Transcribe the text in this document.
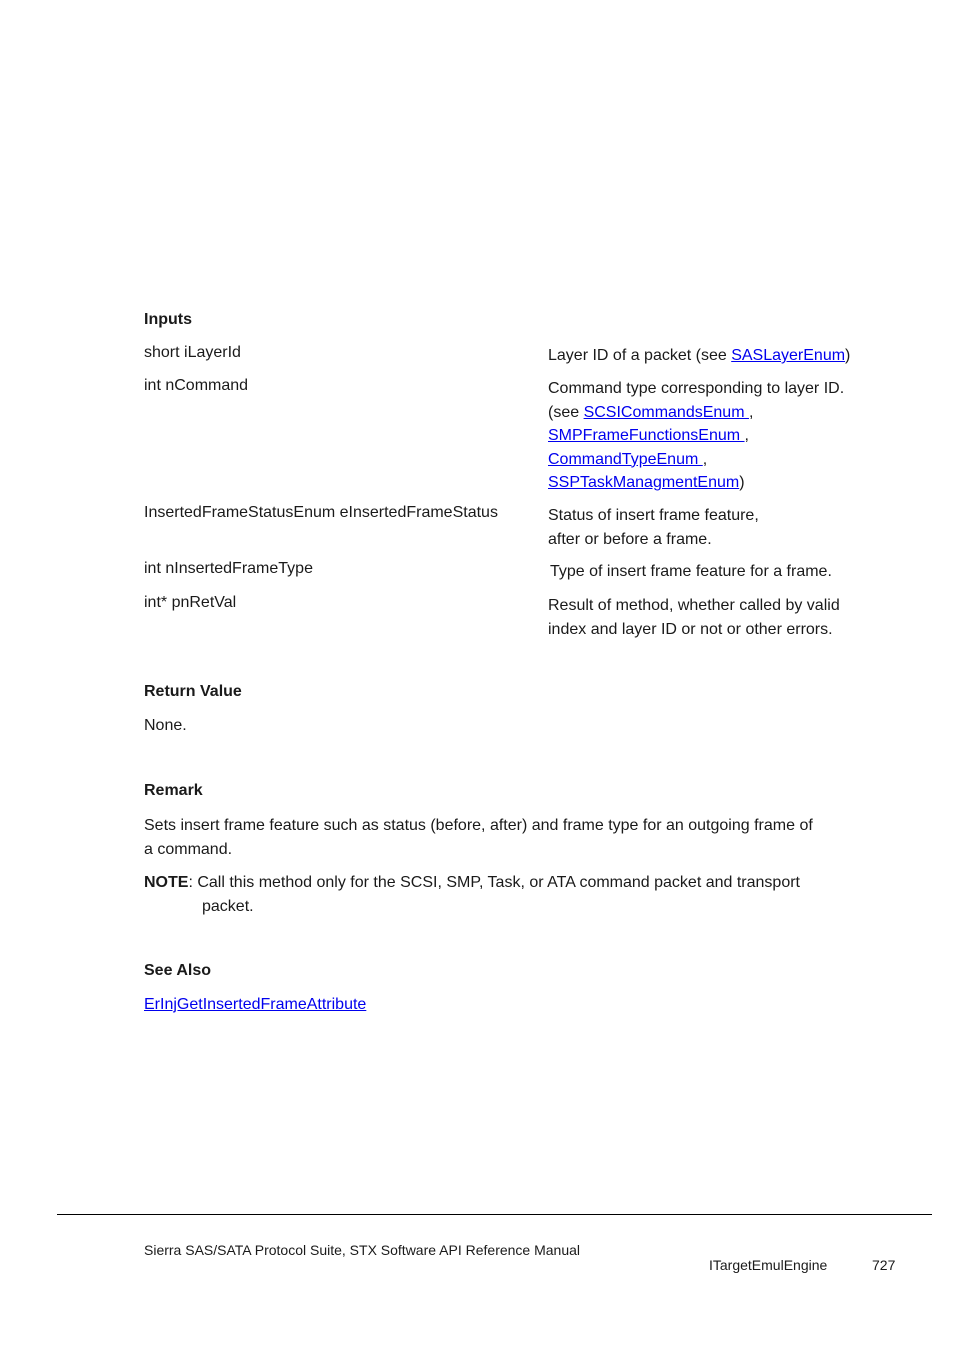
Inputs
short iLayerId	Layer ID of a packet (see SASLayerEnum)
int nCommand	Command type corresponding to layer ID.
(see SCSICommandsEnum ,
SMPFrameFunctionsEnum ,
CommandTypeEnum ,
SSPTaskManagmentEnum)
InsertedFrameStatusEnum eInsertedFrameStatus	Status of insert frame feature,
after or before a frame.
int nInsertedFrameType	Type of insert frame feature for a frame.
int* pnRetVal	Result of method, whether called by valid
index and layer ID or not or other errors.
Return Value
None.
Remark
Sets insert frame feature such as status (before, after) and frame type for an outgoing frame of
a command.
NOTE: Call this method only for the SCSI, SMP, Task, or ATA command packet and transport
packet.
See Also
ErInjGetInsertedFrameAttribute
Sierra SAS/SATA Protocol Suite, STX Software API Reference Manual
ITargetEmulEngine	727
